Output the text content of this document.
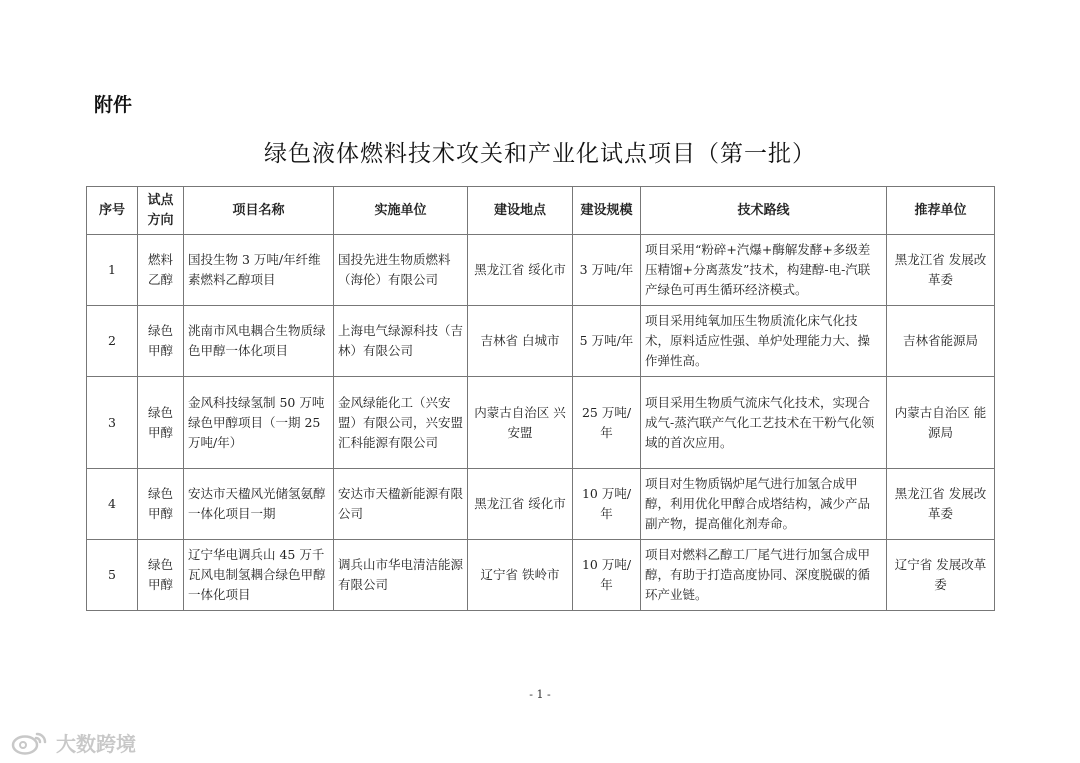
附件
绿色液体燃料技术攻关和产业化试点项目（第一批）
序号	试点方向	项目名称	实施单位	建设地点	建设规模	技术路线	推荐单位
1	燃料乙醇	国投生物 3 万吨/年纤维素燃料乙醇项目	国投先进生物质燃料（海伦）有限公司	黑龙江省 绥化市	3 万吨/年	项目采用“粉碎+汽爆+酶解发酵+多级差压精馏+分离蒸发”技术，构建醇-电-汽联产绿色可再生循环经济模式。	黑龙江省 发展改革委
2	绿色甲醇	洮南市风电耦合生物质绿色甲醇一体化项目	上海电气绿源科技（吉林）有限公司	吉林省 白城市	5 万吨/年	项目采用纯氧加压生物质流化床气化技术，原料适应性强、单炉处理能力大、操作弹性高。	吉林省能源局
3	绿色甲醇	金风科技绿氢制 50 万吨绿色甲醇项目（一期 25 万吨/年）	金风绿能化工（兴安盟）有限公司，兴安盟汇科能源有限公司	内蒙古自治区 兴安盟	25 万吨/年	项目采用生物质气流床气化技术，实现合成气-蒸汽联产气化工艺技术在干粉气化领域的首次应用。	内蒙古自治区 能源局
4	绿色甲醇	安达市天楹风光储氢氨醇一体化项目一期	安达市天楹新能源有限公司	黑龙江省 绥化市	10 万吨/年	项目对生物质锅炉尾气进行加氢合成甲醇，利用优化甲醇合成塔结构，减少产品副产物，提高催化剂寿命。	黑龙江省 发展改革委
5	绿色甲醇	辽宁华电调兵山 45 万千瓦风电制氢耦合绿色甲醇一体化项目	调兵山市华电清洁能源有限公司	辽宁省 铁岭市	10 万吨/年	项目对燃料乙醇工厂尾气进行加氢合成甲醇，有助于打造高度协同、深度脱碳的循环产业链。	辽宁省 发展改革委
- 1 -
大数跨境
